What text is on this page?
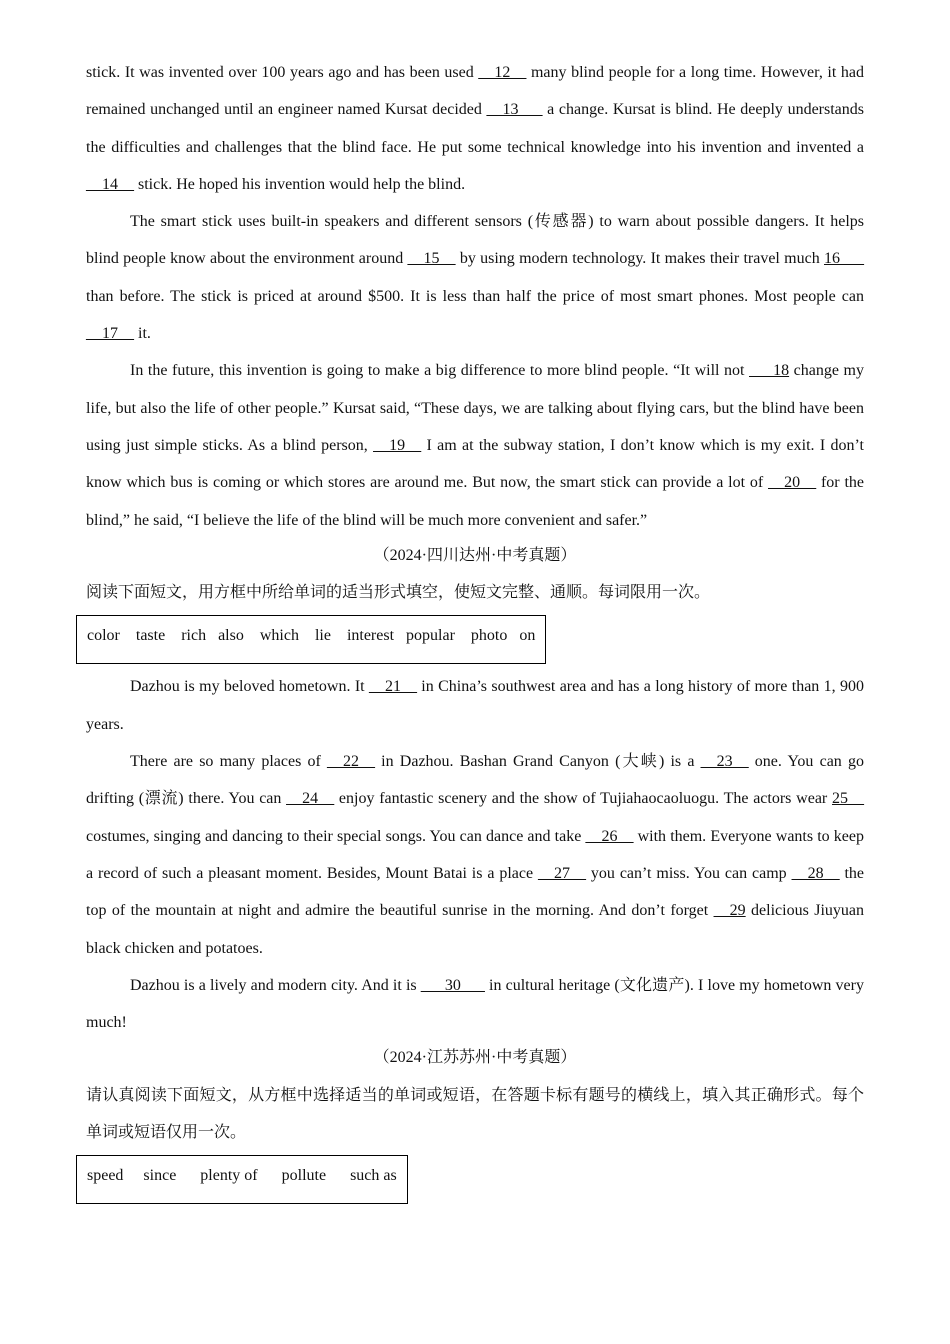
stick. It was invented over 100 years ago and has been used __12__ many blind people for a long time. However, it had remained unchanged until an engineer named Kursat decided __13___ a change. Kursat is blind. He deeply understands the difficulties and challenges that the blind face. He put some technical knowledge into his invention and invented a __14__ stick. He hoped his invention would help the blind.

The smart stick uses built-in speakers and different sensors (传感器) to warn about possible dangers. It helps blind people know about the environment around __15__ by using modern technology. It makes their travel much 16___ than before. The stick is priced at around $500. It is less than half the price of most smart phones. Most people can __17__ it.

In the future, this invention is going to make a big difference to more blind people. “It will not ___18 change my life, but also the life of other people.” Kursat said, “These days, we are talking about flying cars, but the blind have been using just simple sticks. As a blind person, __19__ I am at the subway station, I don’t know which is my exit. I don’t know which bus is coming or which stores are around me. But now, the smart stick can provide a lot of __20__ for the blind,” he said, “I believe the life of the blind will be much more convenient and safer.”

（2024·四川达州·中考真题）

阅读下面短文，用方框中所给单词的适当形式填空，使短文完整、通顺。每词限用一次。

color    taste    rich   also    which    lie    interest   popular    photo   on

Dazhou is my beloved hometown. It __21__ in China’s southwest area and has a long history of more than 1, 900 years.

There are so many places of __22__ in Dazhou. Bashan Grand Canyon (大峡) is a __23__ one. You can go drifting (漂流) there. You can __24__ enjoy fantastic scenery and the show of Tujiahaocaoluogu. The actors wear 25__ costumes, singing and dancing to their special songs. You can dance and take __26__ with them. Everyone wants to keep a record of such a pleasant moment. Besides, Mount Batai is a place __27__ you can’t miss. You can camp __28__ the top of the mountain at night and admire the beautiful sunrise in the morning. And don’t forget __29 delicious Jiuyuan black chicken and potatoes.

Dazhou is a lively and modern city. And it is ___30___ in cultural heritage (文化遗产). I love my hometown very much!

（2024·江苏苏州·中考真题）

请认真阅读下面短文，从方框中选择适当的单词或短语，在答题卡标有题号的横线上，填入其正确形式。每个单词或短语仅用一次。

speed     since      plenty of      pollute      such as
